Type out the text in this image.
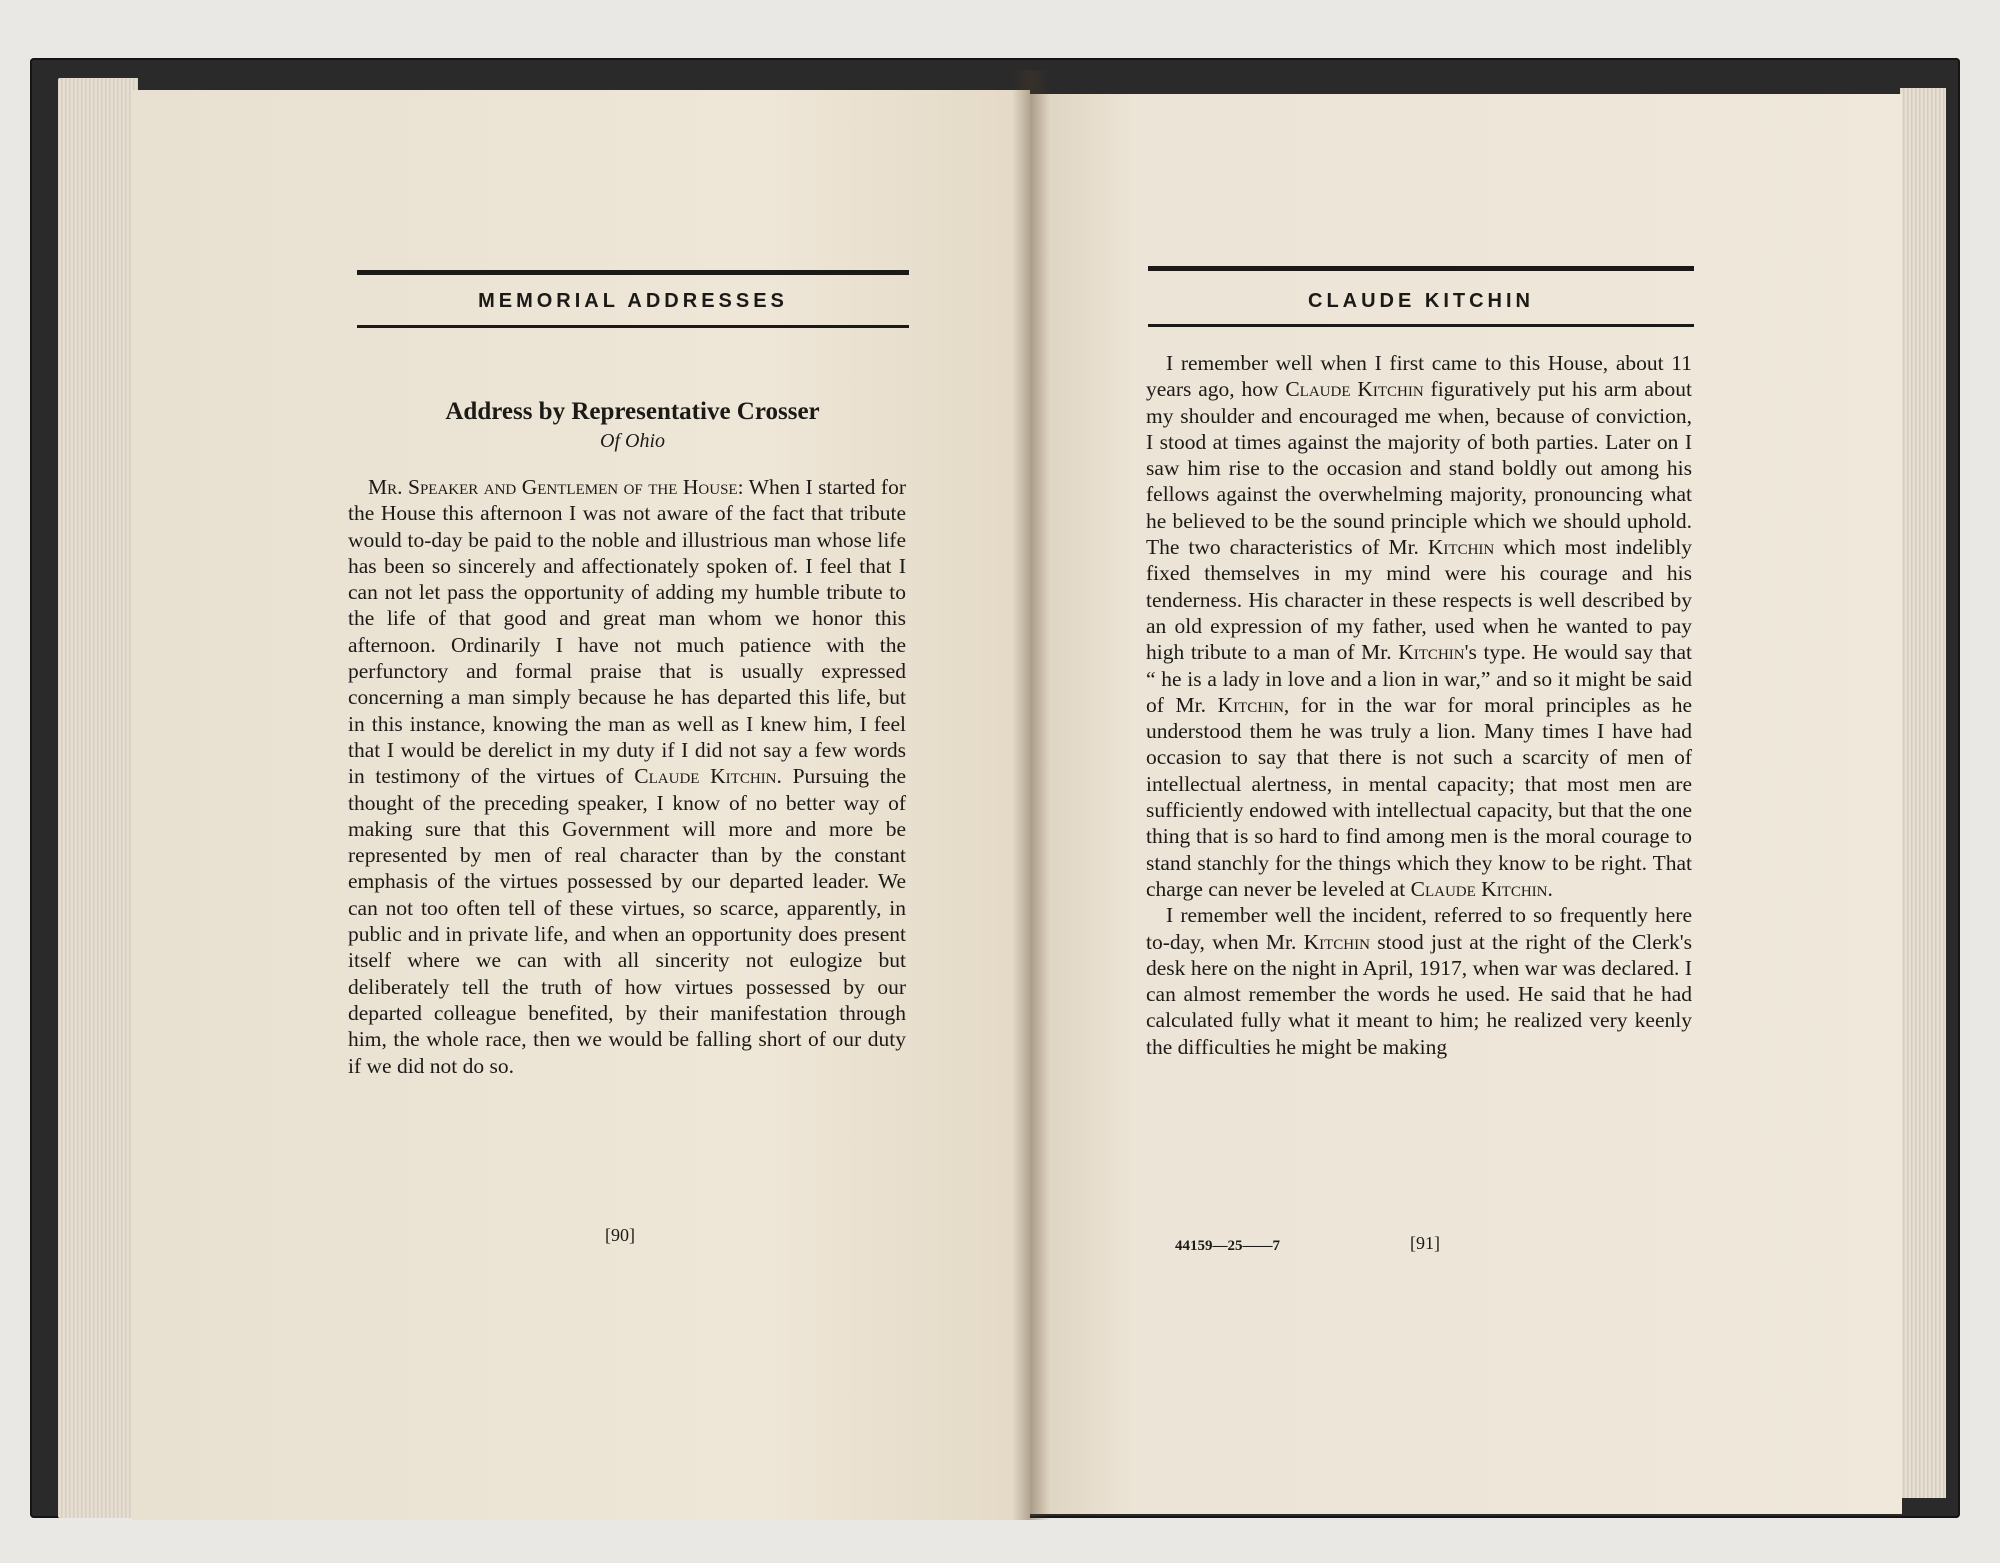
MEMORIAL ADDRESSES
Address by Representative Crosser
Of Ohio

Mr. Speaker and Gentlemen of the House: When I started for the House this afternoon I was not aware of the fact that tribute would to-day be paid to the noble and illustrious man whose life has been so sincerely and affectionately spoken of. I feel that I can not let pass the opportunity of adding my humble tribute to the life of that good and great man whom we honor this afternoon. Ordinarily I have not much patience with the perfunctory and formal praise that is usually expressed concerning a man simply because he has departed this life, but in this instance, knowing the man as well as I knew him, I feel that I would be derelict in my duty if I did not say a few words in testimony of the virtues of Claude Kitchin. Pursuing the thought of the preceding speaker, I know of no better way of making sure that this Government will more and more be represented by men of real character than by the constant emphasis of the virtues possessed by our departed leader. We can not too often tell of these virtues, so scarce, apparently, in public and in private life, and when an opportunity does present itself where we can with all sincerity not eulogize but deliberately tell the truth of how virtues possessed by our departed colleague benefited, by their manifestation through him, the whole race, then we would be falling short of our duty if we did not do so.

[90]
CLAUDE KITCHIN

I remember well when I first came to this House, about 11 years ago, how Claude Kitchin figuratively put his arm about my shoulder and encouraged me when, because of conviction, I stood at times against the majority of both parties. Later on I saw him rise to the occasion and stand boldly out among his fellows against the overwhelming majority, pronouncing what he believed to be the sound principle which we should uphold. The two characteristics of Mr. Kitchin which most indelibly fixed themselves in my mind were his courage and his tenderness. His character in these respects is well described by an old expression of my father, used when he wanted to pay high tribute to a man of Mr. Kitchin's type. He would say that “ he is a lady in love and a lion in war,” and so it might be said of Mr. Kitchin, for in the war for moral principles as he understood them he was truly a lion. Many times I have had occasion to say that there is not such a scarcity of men of intellectual alertness, in mental capacity; that most men are sufficiently endowed with intellectual capacity, but that the one thing that is so hard to find among men is the moral courage to stand stanchly for the things which they know to be right. That charge can never be leveled at Claude Kitchin.

I remember well the incident, referred to so frequently here to-day, when Mr. Kitchin stood just at the right of the Clerk's desk here on the night in April, 1917, when war was declared. I can almost remember the words he used. He said that he had calculated fully what it meant to him; he realized very keenly the difficulties he might be making

44159—25——7	[91]
